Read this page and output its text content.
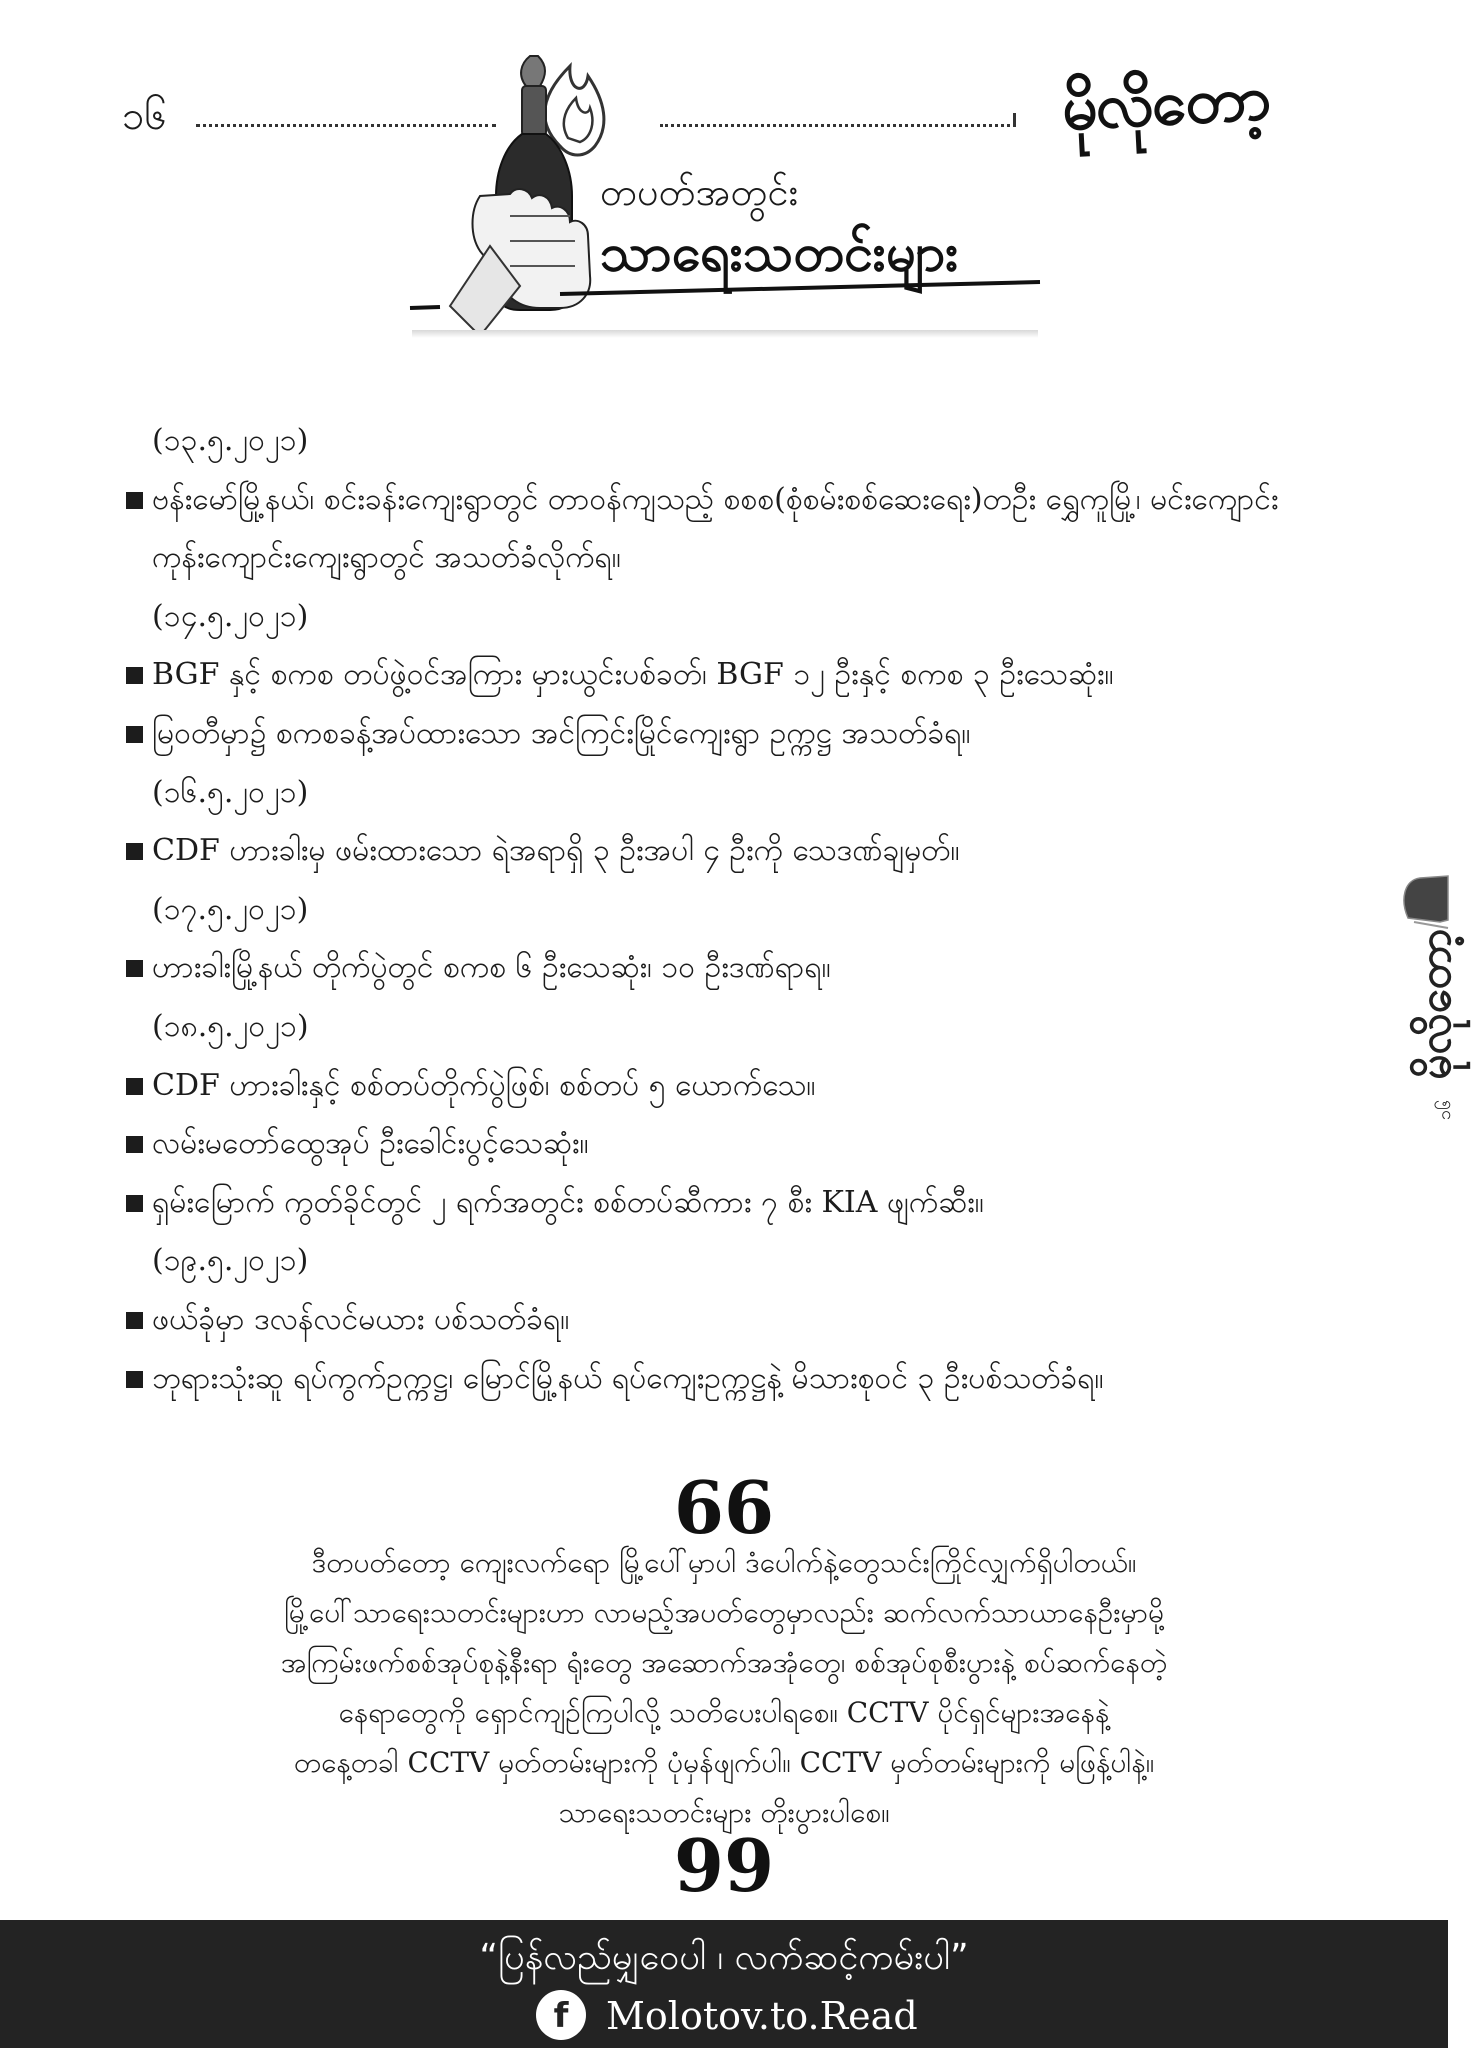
၁၆	မိုလိုတော့
တပတ်အတွင်း
သာရေးသတင်းများ
၁၆မိုလိုတော့
(၁၃.၅.၂၀၂၁)
ဗန်းမော်မြို့နယ်၊ စင်းခန်းကျေးရွာတွင် တာဝန်ကျသည့် စစစ(စုံစမ်းစစ်ဆေးရေး)တဦး ရွှေကူမြို့၊ မင်းကျောင်း
ကုန်းကျောင်းကျေးရွာတွင် အသတ်ခံလိုက်ရ။
(၁၄.၅.၂၀၂၁)
BGF နှင့် စကစ တပ်ဖွဲ့ဝင်အကြား မှားယွင်းပစ်ခတ်၊ BGF ၁၂ ဦးနှင့် စကစ ၃ ဦးသေဆုံး။
မြဝတီမှာ၌ စကစခန့်အပ်ထားသော အင်ကြင်းမြိုင်ကျေးရွာ ဥက္ကဋ္ဌ အသတ်ခံရ။
(၁၆.၅.၂၀၂၁)
CDF ဟားခါးမှ ဖမ်းထားသော ရဲအရာရှိ ၃ ဦးအပါ ၄ ဦးကို သေဒဏ်ချမှတ်။
(၁၇.၅.၂၀၂၁)
ဟားခါးမြို့နယ် တိုက်ပွဲတွင် စကစ ၆ ဦးသေဆုံး၊ ၁၀ ဦးဒဏ်ရာရ။
(၁၈.၅.၂၀၂၁)
CDF ဟားခါးနှင့် စစ်တပ်တိုက်ပွဲဖြစ်၊ စစ်တပ် ၅ ယောက်သေ။
လမ်းမတော်ထွေအုပ် ဦးခေါင်းပွင့်သေဆုံး။
ရှမ်းမြောက် ကွတ်ခိုင်တွင် ၂ ရက်အတွင်း စစ်တပ်ဆီကား ၇ စီး KIA ဖျက်ဆီး။
(၁၉.၅.၂၀၂၁)
ဖယ်ခုံမှာ ဒလန်လင်မယား ပစ်သတ်ခံရ။
ဘုရားသုံးဆူ ရပ်ကွက်ဥက္ကဋ္ဌ၊ မြောင်မြို့နယ် ရပ်ကျေးဥက္ကဋ္ဌနဲ့ မိသားစုဝင် ၃ ဦးပစ်သတ်ခံရ။
66
ဒီတပတ်တော့ ကျေးလက်ရော မြို့ပေါ်မှာပါ ဒံပေါက်နဲ့တွေသင်းကြိုင်လျှက်ရှိပါတယ်။
မြို့ပေါ်သာရေးသတင်းများဟာ လာမည့်အပတ်တွေမှာလည်း ဆက်လက်သာယာနေဦးမှာမို့
အကြမ်းဖက်စစ်အုပ်စုနဲ့နီးရာ ရုံးတွေ အဆောက်အအုံတွေ၊ စစ်အုပ်စုစီးပွားနဲ့ စပ်ဆက်နေတဲ့
နေရာတွေကို ရှောင်ကျဉ်ကြပါလို့ သတိပေးပါရစေ။ CCTV ပိုင်ရှင်များအနေနဲ့
တနေ့တခါ CCTV မှတ်တမ်းများကို ပုံမှန်ဖျက်ပါ။ CCTV မှတ်တမ်းများကို မဖြန့်ပါနဲ့။
သာရေးသတင်းများ တိုးပွားပါစေ။
99
“ပြန်လည်မျှဝေပါ ၊ လက်ဆင့်ကမ်းပါ”
f Molotov.to.Read
